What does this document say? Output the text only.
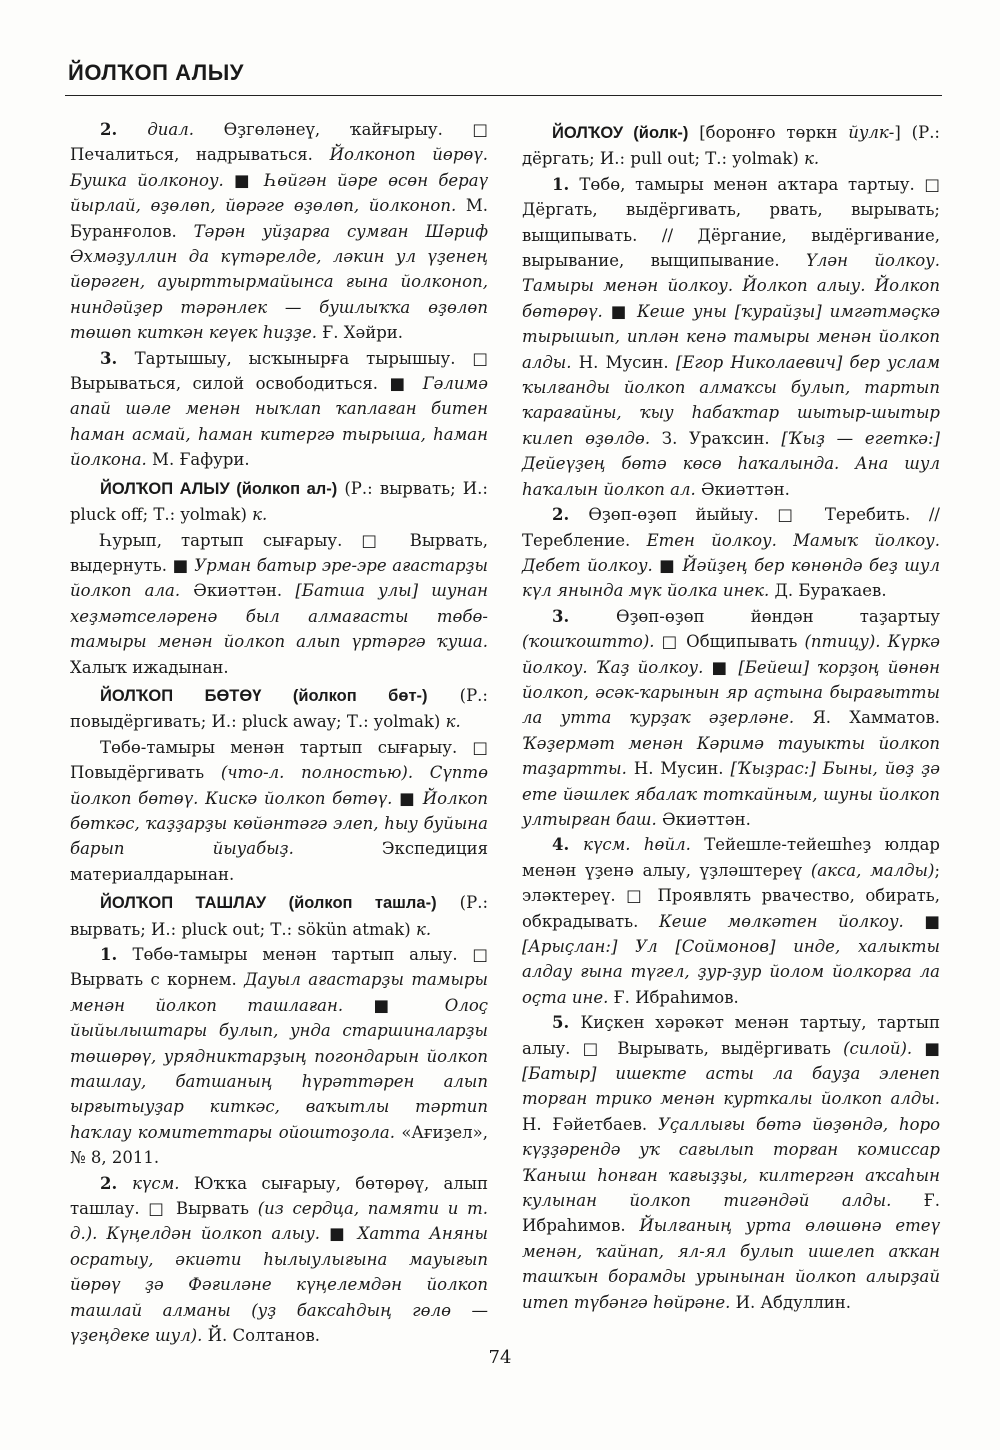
ЙОЛҠОП АЛЫУ

2. диал. Өҙгөләнеү, ҡайғырыу. □ Печалиться, надрываться. Йолконоп йөрөү. Бушка йолконоу. ■ Һөйгән йәре өсөн бераү йырлай, өҙөлөп, йөрәге өҙөлөп, йолконоп. М. Буранғолов. Тәрән уйҙарға сумған Шәриф Әхмәҙуллин да күтәрелде, ләкин ул үҙенең йөрәген, ауырттырмайынса ғына йолконоп, ниндәйҙер тәрәнлек — бушлыҡҡа өҙөлөп төшөп киткән кеүек һиҙҙе. Ғ. Хәйри.

3. Тартышыу, ысҡынырға тырышыу. □ Вырываться, силой освободиться. ■ Гәлимә апай шәле менән ныҡлап ҡаплаған битен һаман асмай, һаман китергә тырыша, һаман йолкона. М. Ғафури.

ЙОЛҠОП АЛЫУ (йолкоп ал-) (Р.: вырвать; И.: pluck off; Т.: yolmak) к.

Һурып, тартып сығарыу. □ Вырвать, выдернуть. ■ Урман батыр эре-эре ағастарҙы йолкоп ала. Әкиәттән. [Батша улы] шунан хеҙмәтселәренә был алмағасты төбө-тамыры менән йолкоп алып үртәргә ҡуша. Халыҡ ижадынан.

ЙОЛҠОП БӨТӨҮ (йолкоп бөт-) (Р.: повыдёргивать; И.: pluck away; Т.: yolmak) к.

Төбө-тамыры менән тартып сығарыу. □ Повыдёргивать (что-л. полностью). Сүптө йолкоп бөтөү. Кискә йолкоп бөтөү. ■ Йолкоп бөткәс, ҡаҙҙарҙы көйәнтәгә элеп, һыу буйына барып йыуабыҙ. Экспедиция материалдарынан.

ЙОЛҠОП ТАШЛАУ (йолкоп ташла-) (Р.: вырвать; И.: pluck out; Т.: sökün atmak) к.

1. Төбө-тамыры менән тартып алыу. □ Вырвать с корнем. Дауыл ағастарҙы тамыры менән йолкоп ташлаған. ■ Олоҫ йыйылыштары булып, унда старшиналарҙы төшөрөү, урядниктарҙың погондарын йолкоп ташлау, батшаның һүрәттәрен алып ырғытыуҙар киткәс, ваҡытлы тәртип һаҡлау комитеттары ойоштоҙола. «Ағиҙел», № 8, 2011.

2. күсм. Юҡҡа сығарыу, бөтөрөү, алып ташлау. □ Вырвать (из сердца, памяти и т. д.). Күңелдән йолкоп алыу. ■ Хатта Аняны осратыу, әкиәти һылыулығына мауығып йөрөү ҙә Фәғиләне күңелемдән йолкоп ташлай алманы (уҙ баксаһдың гөлө — үҙеңдеке шул). Й. Солтанов.

ЙОЛҠОУ (йолк-) [боронғо төркн йулк-] (Р.: дёргать; И.: pull out; Т.: yolmak) к.

1. Төбө, тамыры менән аҡтара тартыу. □ Дёргать, выдёргивать, рвать, вырывать; выщипывать. // Дёргание, выдёргивание, вырывание, выщипывание. Үлән йолкоу. Тамыры менән йолкоу. Йолкоп алыу. Йолкоп бөтөрөү. ■ Кеше уны [ҡурайҙы] имгәтмәҫкә тырышып, иплән кенә тамыры менән йолкоп алды. Н. Мусин. [Егор Николаевич] бер услам ҡылғанды йолкоп алмаҡсы булып, тартып ҡарағайны, ҡыу һабаҡтар шытыр-шытыр килеп өҙөлдө. З. Ураҡсин. [Ҡыҙ — егеткә:] Дейеүҙең бөтә көсө һаҡалында. Ана шул һаҡалын йолкоп ал. Әкиәттән.

2. Өҙөп-өҙөп йыйыу. □ Теребить. // Теребление. Етен йолкоу. Мамыҡ йолкоу. Дебет йолкоу. ■ Йәйҙең бер көнөндә беҙ шул күл янында мүк йолка инек. Д. Бураҡаев.

3. Өҙөп-өҙөп йөндән таҙартыу (ҡошҡоштто). □ Общипывать (птицу). Күркә йолкоу. Ҡаҙ йолкоу. ■ [Бейеш] ҡорҙоң йөнөн йолкоп, әсәк-ҡарынын яр аҫтына бырағытты ла утта ҡурҙаҡ әҙерләне. Я. Хамматов. Ҡәҙермәт менән Кәримә тауыкты йолкоп таҙартты. Н. Мусин. [Ҡыҙрас:] Быны, йөҙ ҙә ете йәшлек ябалаҡ тоткайным, шуны йолкоп ултырған баш. Әкиәттән.

4. күсм. һөйл. Тейешле-тейешһеҙ юлдар менән үҙенә алыу, үҙләштереү (акса, малды); эләктереү. □ Проявлять рвачество, обирать, обкрадывать. Кеше мөлкәтен йолкоу. ■ [Арыҫлан:] Ул [Соймонов] инде, халыкты алдау ғына түгел, ҙур-ҙур йолом йолкорға ла оҫта ине. Ғ. Ибраһимов.

5. Киҫкен хәрәкәт менән тартыу, тартып алыу. □ Вырывать, выдёргивать (силой). ■ [Батыр] ишекте асты ла бауҙа эленеп торған трико менән курткалы йолкоп алды. Н. Ғәйетбаев. Уҫаллығы бөтә йөҙөндә, һоро күҙҙәрендә уҡ сағылып торған комиссар Ҡаныш һонған ҡағыҙҙы, килтергән аҡсаһын кулынан йолкоп тигәндәй алды. Ғ. Ибраһимов. Йылғаның урта өлөшөнә етеү менән, ҡайнап, ял-ял булып ишелеп аҡкан ташҡын борамды урынынан йолкоп алырҙай итеп түбәнгә һөйрәне. И. Абдуллин.

74
